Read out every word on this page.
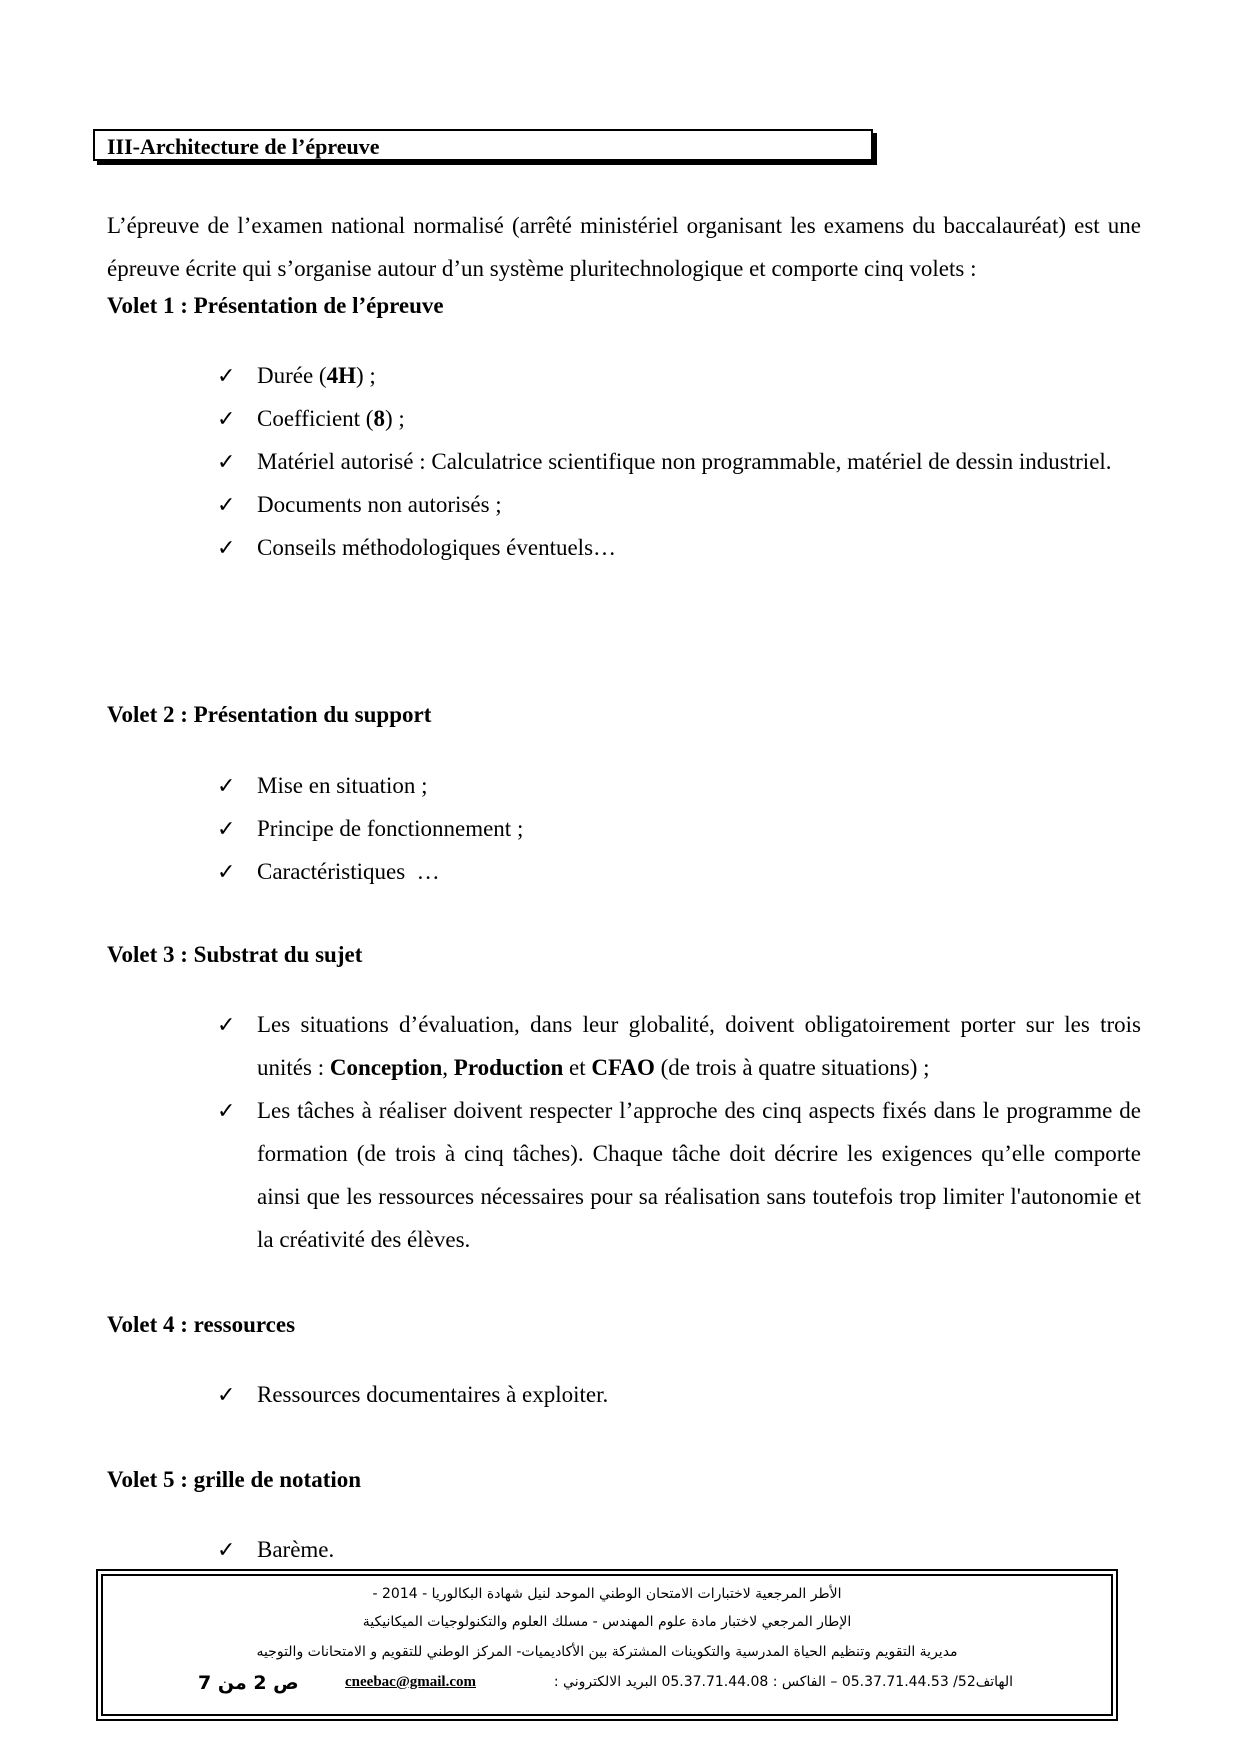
III-Architecture de l’épreuve
L’épreuve de l’examen national normalisé (arrêté ministériel organisant les examens du baccalauréat) est une épreuve écrite qui s’organise autour d’un système pluritechnologique et comporte cinq volets :
Volet 1 : Présentation de l’épreuve
✓ Durée (4H) ;
✓ Coefficient (8) ;
✓ Matériel autorisé : Calculatrice scientifique non programmable, matériel de dessin industriel.
✓ Documents non autorisés ;
✓ Conseils méthodologiques éventuels…
Volet 2 : Présentation du support
✓ Mise en situation ;
✓ Principe de fonctionnement ;
✓ Caractéristiques  …
Volet 3 : Substrat du sujet
✓ Les situations d’évaluation, dans leur globalité, doivent obligatoirement porter sur les trois unités : Conception, Production et CFAO (de trois à quatre situations) ;
✓ Les tâches à réaliser doivent respecter l’approche des cinq aspects fixés dans le programme de formation (de trois à cinq tâches). Chaque tâche doit décrire les exigences qu’elle comporte ainsi que les ressources nécessaires pour sa réalisation sans toutefois trop limiter l'autonomie et la créativité des élèves.
Volet 4 : ressources
✓ Ressources documentaires à exploiter.
Volet 5 : grille de notation
✓ Barème.
الأطر المرجعية لاختبارات الامتحان الوطني الموحد لنيل شهادة البكالوريا - 2014 -
الإطار المرجعي لاختبار مادة علوم المهندس - مسلك العلوم والتكنولوجيات الميكانيكية
مديرية التقويم وتنظيم الحياة المدرسية والتكوينات المشتركة بين الأكاديميات- المركز الوطني للتقويم و الامتحانات والتوجيه
الهاتف52/ 05.37.71.44.53 – الفاكس : 05.37.71.44.08 البريد الالكتروني :
cneebac@gmail.com
ص 2 من 7
